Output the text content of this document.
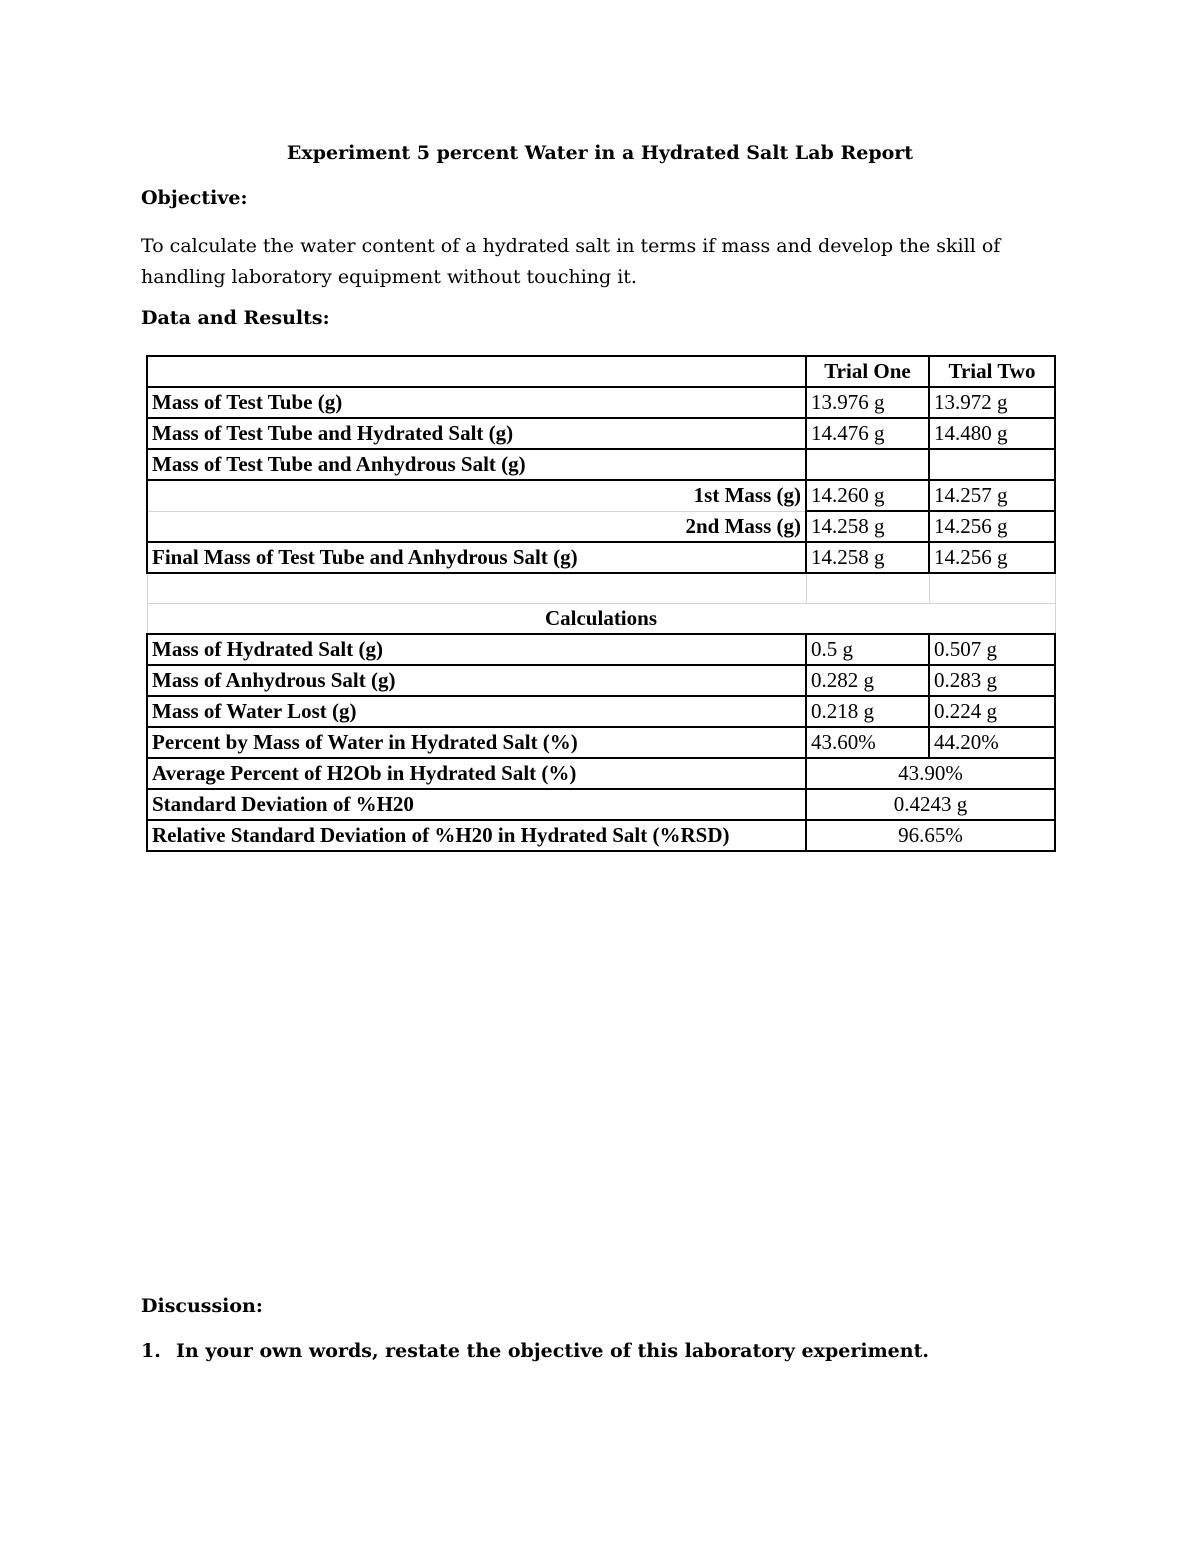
Experiment 5 percent Water in a Hydrated Salt Lab Report
Objective:
To calculate the water content of a hydrated salt in terms if mass and develop the skill of handling laboratory equipment without touching it.
Data and Results:
	Trial One	Trial Two
Mass of Test Tube (g)	13.976 g	13.972 g
Mass of Test Tube and Hydrated Salt (g)	14.476 g	14.480 g
Mass of Test Tube and Anhydrous Salt (g)		
1st Mass (g)	14.260 g	14.257 g
2nd Mass (g)	14.258 g	14.256 g
Final Mass of Test Tube and Anhydrous Salt (g)	14.258 g	14.256 g

Calculations		
Mass of Hydrated Salt (g)	0.5 g	0.507 g
Mass of Anhydrous Salt (g)	0.282 g	0.283 g
Mass of Water Lost (g)	0.218 g	0.224 g
Percent by Mass of Water in Hydrated Salt (%)	43.60%	44.20%
Average Percent of H2Ob in Hydrated Salt (%)	43.90%	
Standard Deviation of %H20	0.4243 g	
Relative Standard Deviation of %H20 in Hydrated Salt (%RSD)	96.65%	
Discussion:
1. In your own words, restate the objective of this laboratory experiment.
